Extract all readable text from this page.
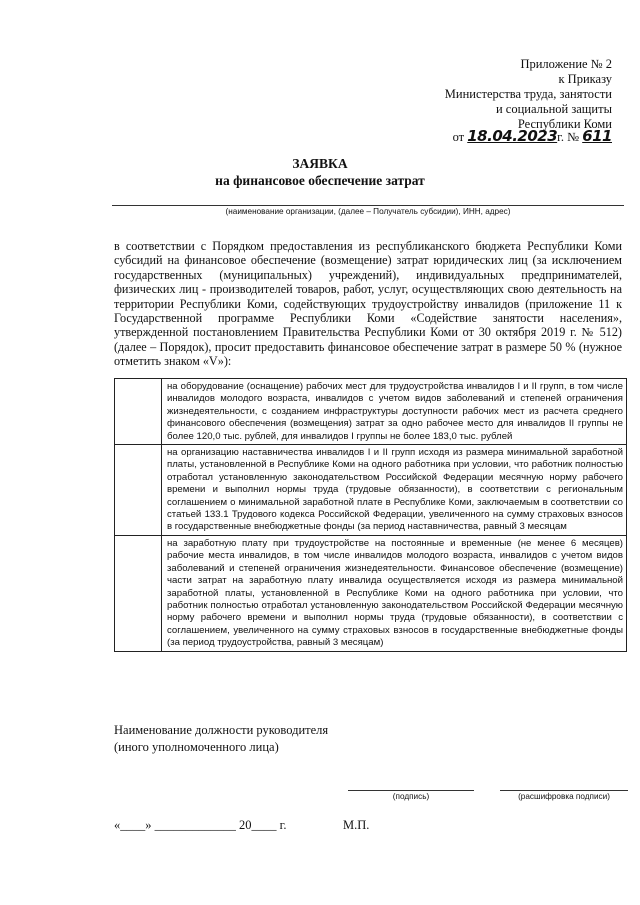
Приложение № 2
к Приказу
Министерства труда, занятости
и социальной защиты
Республики Коми
от 18.04.2023г. № 611
ЗАЯВКА
на финансовое обеспечение затрат
(наименование организации, (далее – Получатель субсидии), ИНН, адрес)
в соответствии с Порядком предоставления из республиканского бюджета Республики Коми субсидий на финансовое обеспечение (возмещение) затрат юридических лиц (за исключением государственных (муниципальных) учреждений), индивидуальных предпринимателей, физических лиц - производителей товаров, работ, услуг, осуществляющих свою деятельность на территории Республики Коми, содействующих трудоустройству инвалидов (приложение 11 к Государственной программе Республики Коми «Содействие занятости населения», утвержденной постановлением Правительства Республики Коми от 30 октября 2019 г. № 512) (далее – Порядок), просит предоставить финансовое обеспечение затрат в размере 50 % (нужное отметить знаком «V»):
	на оборудование (оснащение) рабочих мест для трудоустройства инвалидов I и II групп, в том числе инвалидов молодого возраста, инвалидов с учетом видов заболеваний и степеней ограничения жизнедеятельности, с созданием инфраструктуры доступности рабочих мест из расчета среднего финансового обеспечения (возмещения) затрат за одно рабочее место для инвалидов II группы не более 120,0 тыс. рублей, для инвалидов I группы не более 183,0 тыс. рублей
	на организацию наставничества инвалидов I и II групп исходя из размера минимальной заработной платы, установленной в Республике Коми на одного работника при условии, что работник полностью отработал установленную законодательством Российской Федерации месячную норму рабочего времени и выполнил нормы труда (трудовые обязанности), в соответствии с региональным соглашением о минимальной заработной плате в Республике Коми, заключаемым в соответствии со статьей 133.1 Трудового кодекса Российской Федерации, увеличенного на сумму страховых взносов в государственные внебюджетные фонды (за период наставничества, равный 3 месяцам
	на заработную плату при трудоустройстве на постоянные и временные (не менее 6 месяцев) рабочие места инвалидов, в том числе инвалидов молодого возраста, инвалидов с учетом видов заболеваний и степеней ограничения жизнедеятельности. Финансовое обеспечение (возмещение) части затрат на заработную плату инвалида осуществляется исходя из размера минимальной заработной платы, установленной в Республике Коми на одного работника при условии, что работник полностью отработал установленную законодательством Российской Федерации месячную норму рабочего времени и выполнил нормы труда (трудовые обязанности), в соответствии с соглашением, увеличенного на сумму страховых взносов в государственные внебюджетные фонды (за период трудоустройства, равный 3 месяцам)
Наименование должности руководителя
(иного уполномоченного лица)
(подпись)	(расшифровка подписи)
«____» _____________ 20____ г.	М.П.
